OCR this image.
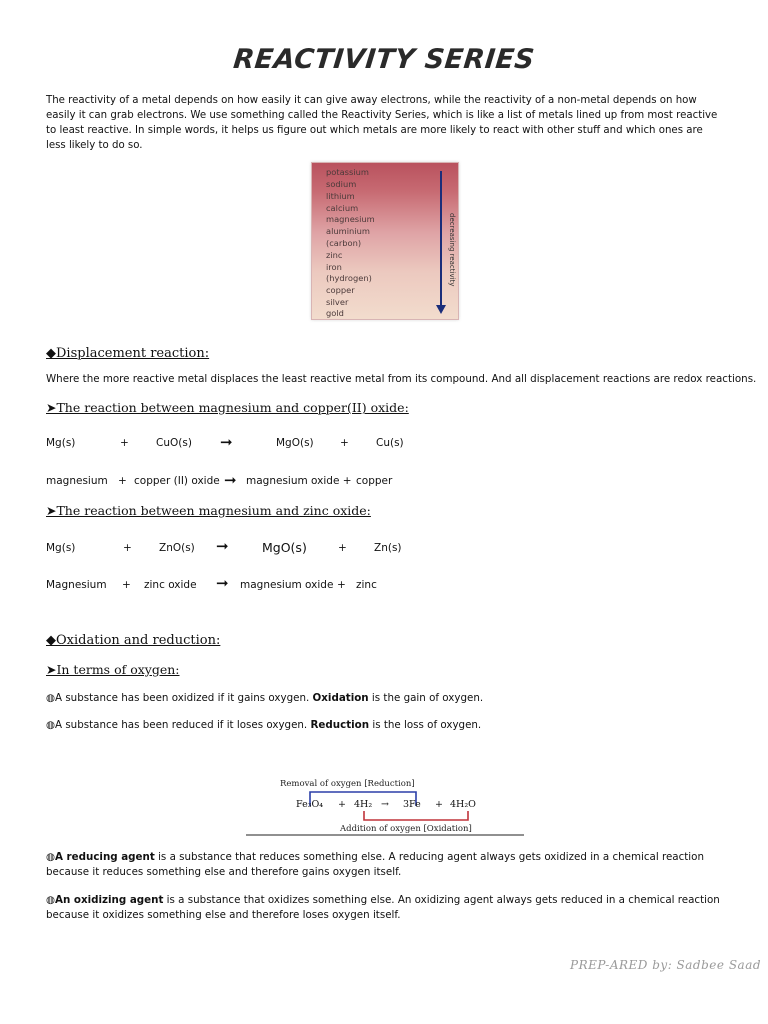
REACTIVITY SERIES
The reactivity of a metal depends on how easily it can give away electrons, while the reactivity of a non-metal depends on how easily it can grab electrons. We use something called the Reactivity Series, which is like a list of metals lined up from most reactive to least reactive. In simple words, it helps us figure out which metals are more likely to react with other stuff and which ones are less likely to do so.
potassium
sodium
lithium
calcium
magnesium
aluminium
(carbon)
zinc
iron
(hydrogen)
copper
silver
gold
decreasing reactivity
◆Displacement reaction:
Where the more reactive metal displaces the least reactive metal from its compound. And all displacement reactions are redox reactions.
➤The reaction between magnesium and copper(II) oxide:
Mg(s)	+	CuO(s) ➞	MgO(s)	+	Cu(s)
magnesium + copper (II) oxide ➞ magnesium oxide + copper
➤The reaction between magnesium and zinc oxide:
Mg(s)	+	ZnO(s) ➞	MgO(s)	+	Zn(s)
Magnesium + zinc oxide ➞ magnesium oxide + zinc
◆Oxidation and reduction:
➤In terms of oxygen:
◍A substance has been oxidized if it gains oxygen. Oxidation is the gain of oxygen.
◍A substance has been reduced if it loses oxygen. Reduction is the loss of oxygen.
Removal of oxygen [Reduction]
Fe₃O₄ + 4H₂ → 3Fe + 4H₂O
Addition of oxygen [Oxidation]
◍A reducing agent is a substance that reduces something else. A reducing agent always gets oxidized in a chemical reaction because it reduces something else and therefore gains oxygen itself.
◍An oxidizing agent is a substance that oxidizes something else. An oxidizing agent always gets reduced in a chemical reaction because it oxidizes something else and therefore loses oxygen itself.
PREP-ARED by: Sadbee Saad
